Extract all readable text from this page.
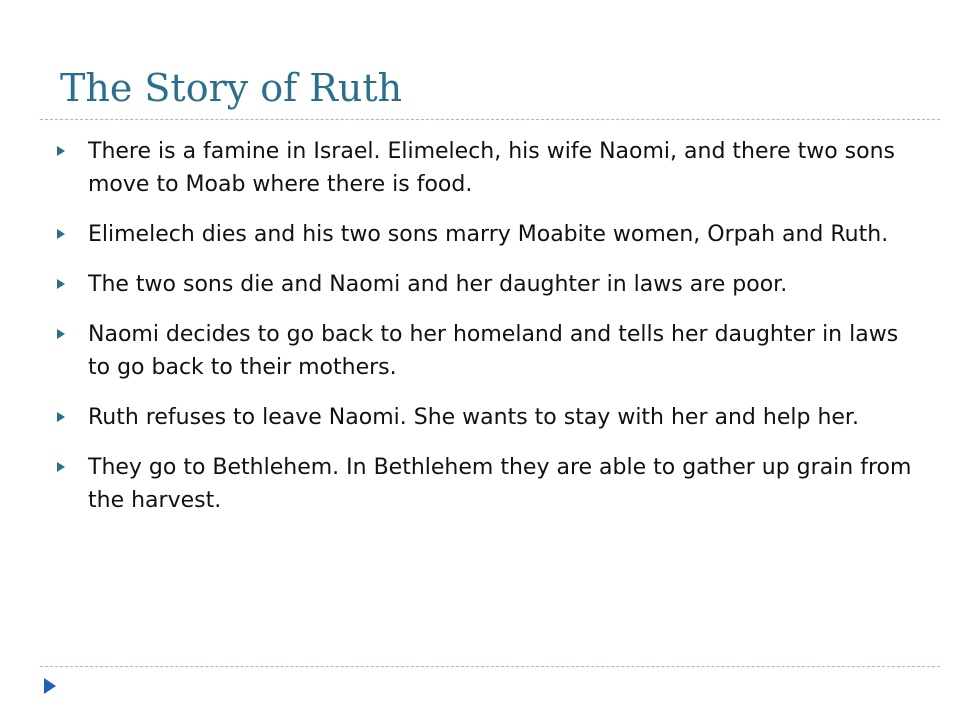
The Story of Ruth
There is a famine in Israel. Elimelech, his wife Naomi, and there two sons move to Moab where there is food.
Elimelech dies and his two sons marry Moabite women, Orpah and Ruth.
The two sons die and Naomi and her daughter in laws are poor.
Naomi decides to go back to her homeland and tells her daughter in laws to go back to their mothers.
Ruth refuses to leave Naomi. She wants to stay with her and help her.
They go to Bethlehem. In Bethlehem they are able to gather up grain from the harvest.
